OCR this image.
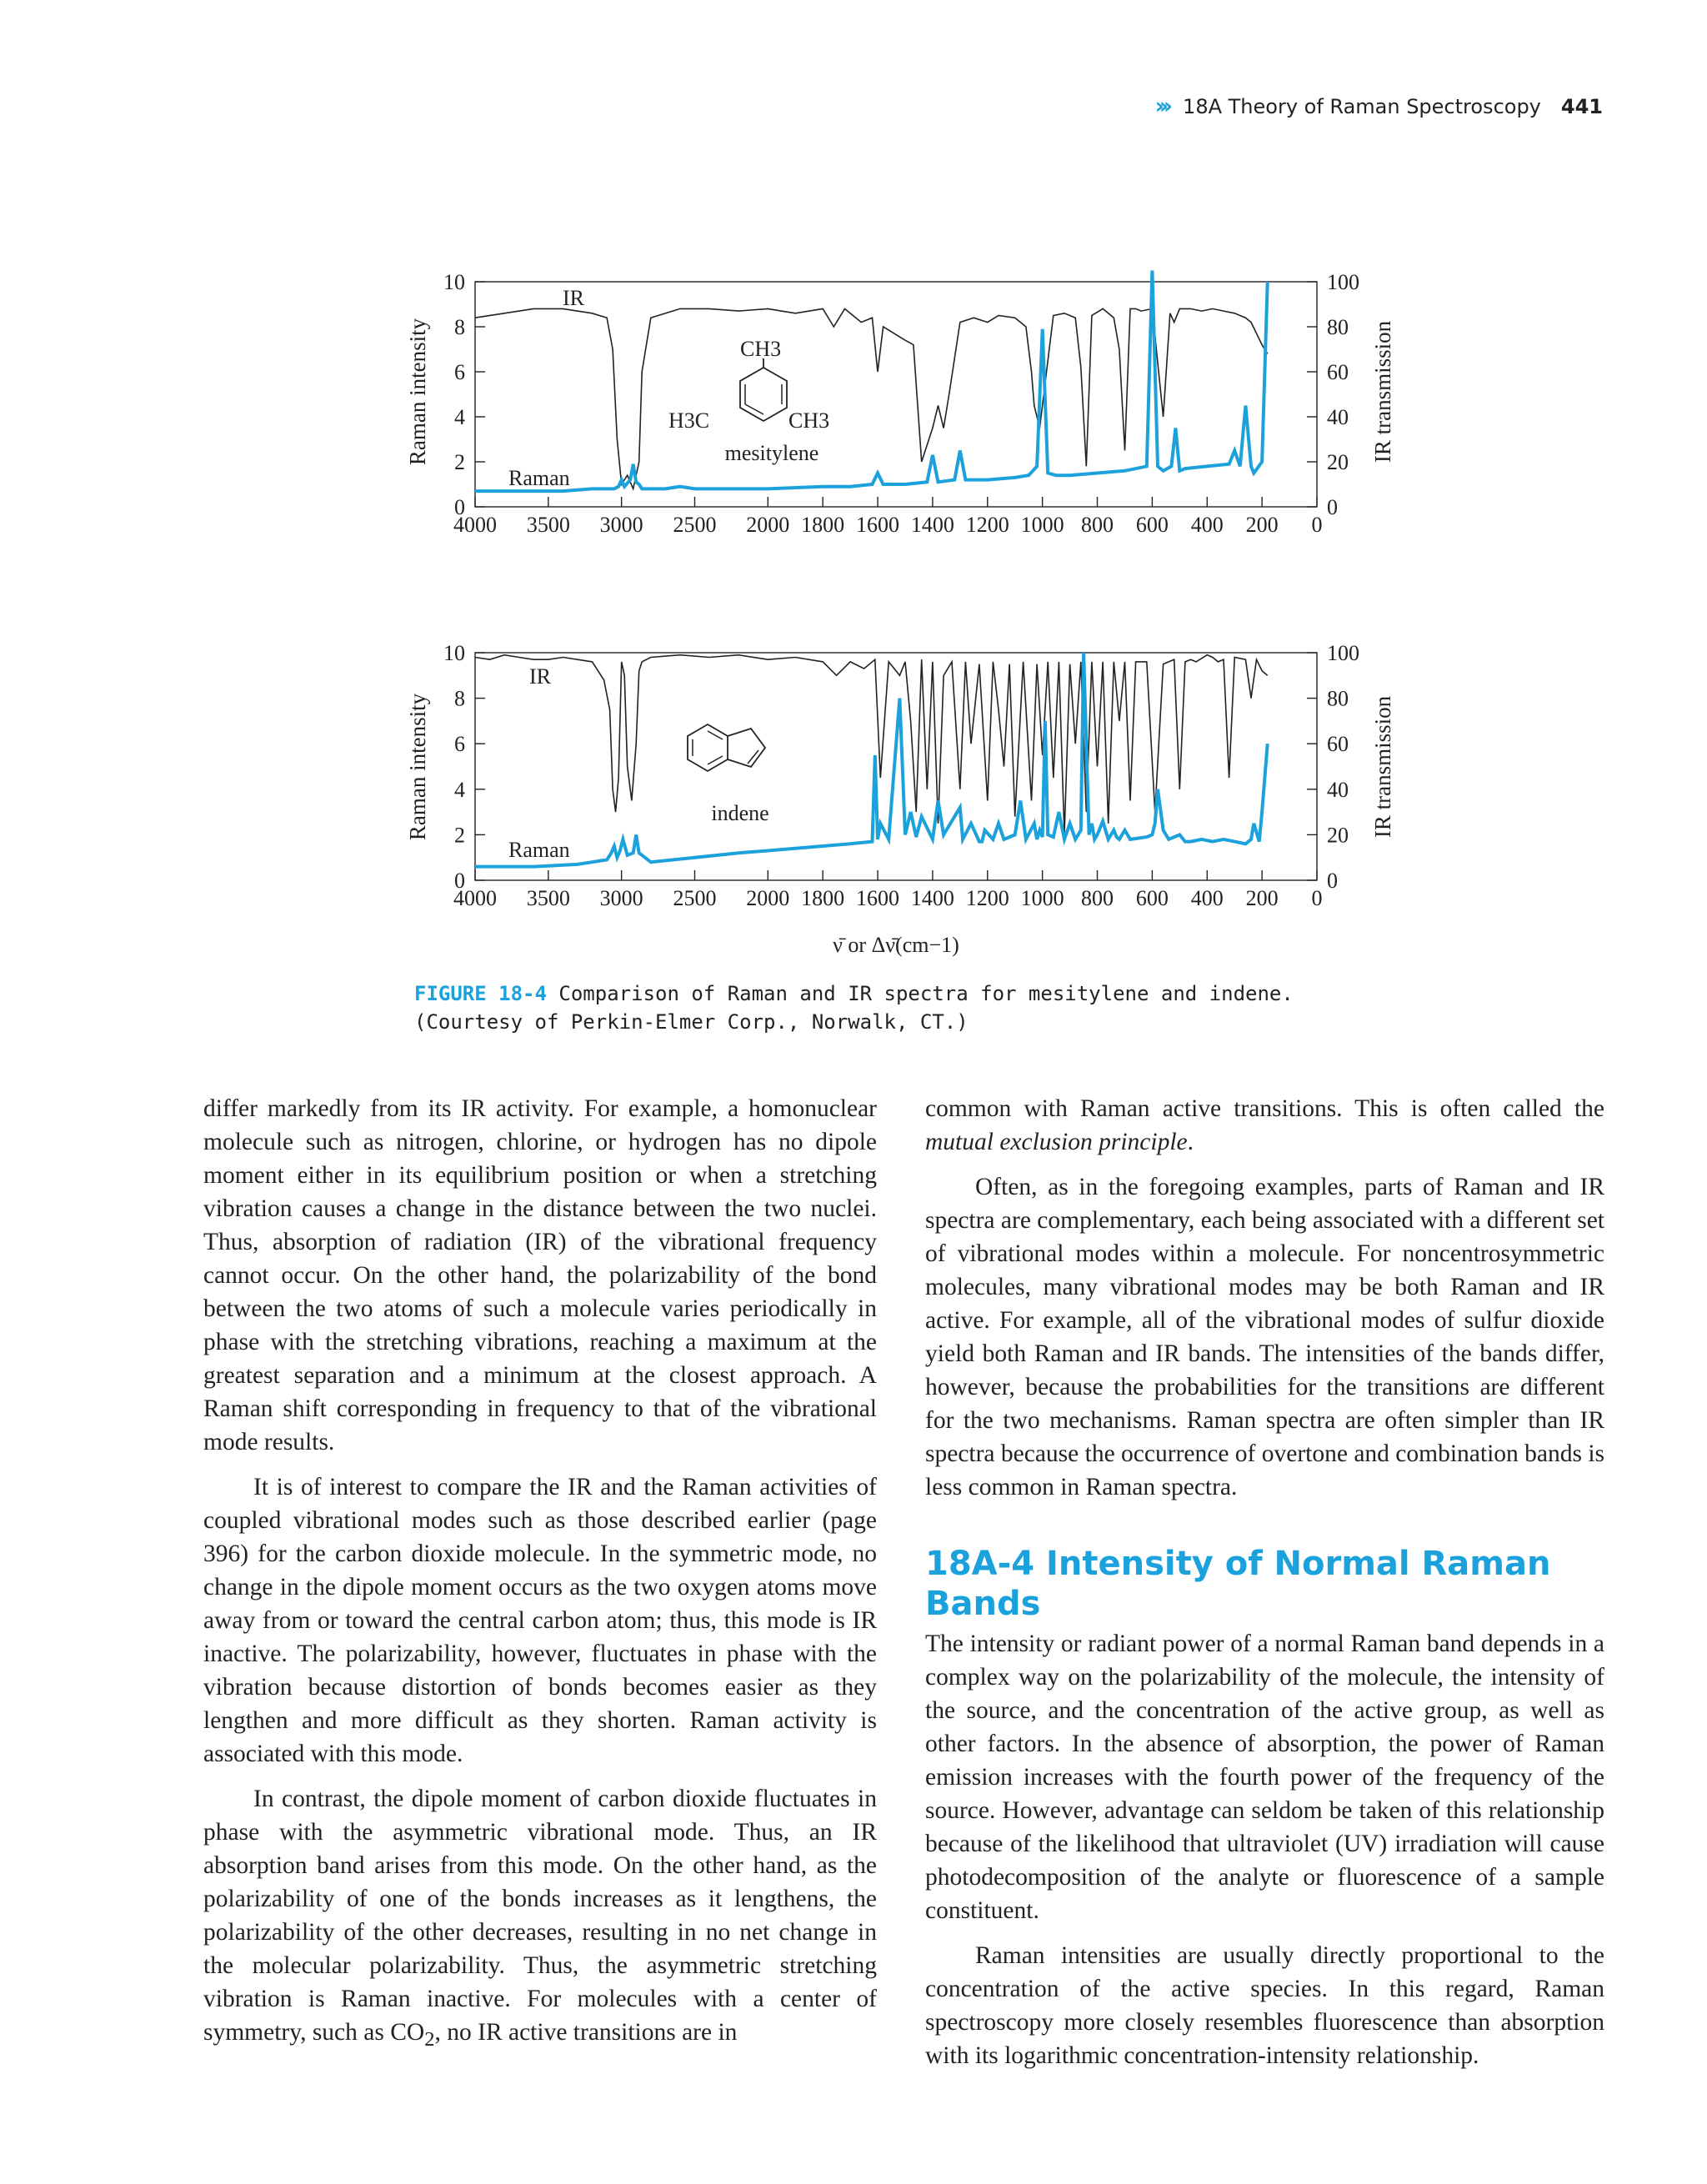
››› 18A Theory of Raman Spectroscopy 441
4000 3500 3000 2500 2000 1800 1600 1400 1200 1000 800 600 400 200 0
10
8
6
4
2
0
100
80
60
40
20
0
Raman intensity	IR transmission
IR
Raman
CH3
H3C	CH3
mesitylene
4000 3500 3000 2500 2000 1800 1600 1400 1200 1000 800 600 400 200 0
10
8
6
4
2
0
100
80
60
40
20
0
Raman intensity	IR transmission
IR
Raman
indene
ν̄ or Δν̄(cm−1)
FIGURE 18-4 Comparison of Raman and IR spectra for mesitylene and indene. (Courtesy of Perkin-Elmer Corp., Norwalk, CT.)

differ markedly from its IR activity. For example, a homonuclear molecule such as nitrogen, chlorine, or hydrogen has no dipole moment either in its equilibrium position or when a stretching vibration causes a change in the distance between the two nuclei. Thus, absorption of radiation (IR) of the vibrational frequency cannot occur. On the other hand, the polarizability of the bond between the two atoms of such a molecule varies periodically in phase with the stretching vibrations, reaching a maximum at the greatest separation and a minimum at the closest approach. A Raman shift corresponding in frequency to that of the vibrational mode results.

It is of interest to compare the IR and the Raman activities of coupled vibrational modes such as those described earlier (page 396) for the carbon dioxide molecule. In the symmetric mode, no change in the dipole moment occurs as the two oxygen atoms move away from or toward the central carbon atom; thus, this mode is IR inactive. The polarizability, however, fluctuates in phase with the vibration because distortion of bonds becomes easier as they lengthen and more difficult as they shorten. Raman activity is associated with this mode.

In contrast, the dipole moment of carbon dioxide fluctuates in phase with the asymmetric vibrational mode. Thus, an IR absorption band arises from this mode. On the other hand, as the polarizability of one of the bonds increases as it lengthens, the polarizability of the other decreases, resulting in no net change in the molecular polarizability. Thus, the asymmetric stretching vibration is Raman inactive. For molecules with a center of symmetry, such as $CO_2$, no IR active transitions are in

common with Raman active transitions. This is often called the mutual exclusion principle.

Often, as in the foregoing examples, parts of Raman and IR spectra are complementary, each being associated with a different set of vibrational modes within a molecule. For noncentrosymmetric molecules, many vibrational modes may be both Raman and IR active. For example, all of the vibrational modes of sulfur dioxide yield both Raman and IR bands. The intensities of the bands differ, however, because the probabilities for the transitions are different for the two mechanisms. Raman spectra are often simpler than IR spectra because the occurrence of overtone and combination bands is less common in Raman spectra.

18A-4 Intensity of Normal Raman Bands

The intensity or radiant power of a normal Raman band depends in a complex way on the polarizability of the molecule, the intensity of the source, and the concentration of the active group, as well as other factors. In the absence of absorption, the power of Raman emission increases with the fourth power of the frequency of the source. However, advantage can seldom be taken of this relationship because of the likelihood that ultraviolet (UV) irradiation will cause photodecomposition of the analyte or fluorescence of a sample constituent.

Raman intensities are usually directly proportional to the concentration of the active species. In this regard, Raman spectroscopy more closely resembles fluorescence than absorption with its logarithmic concentration-intensity relationship.
